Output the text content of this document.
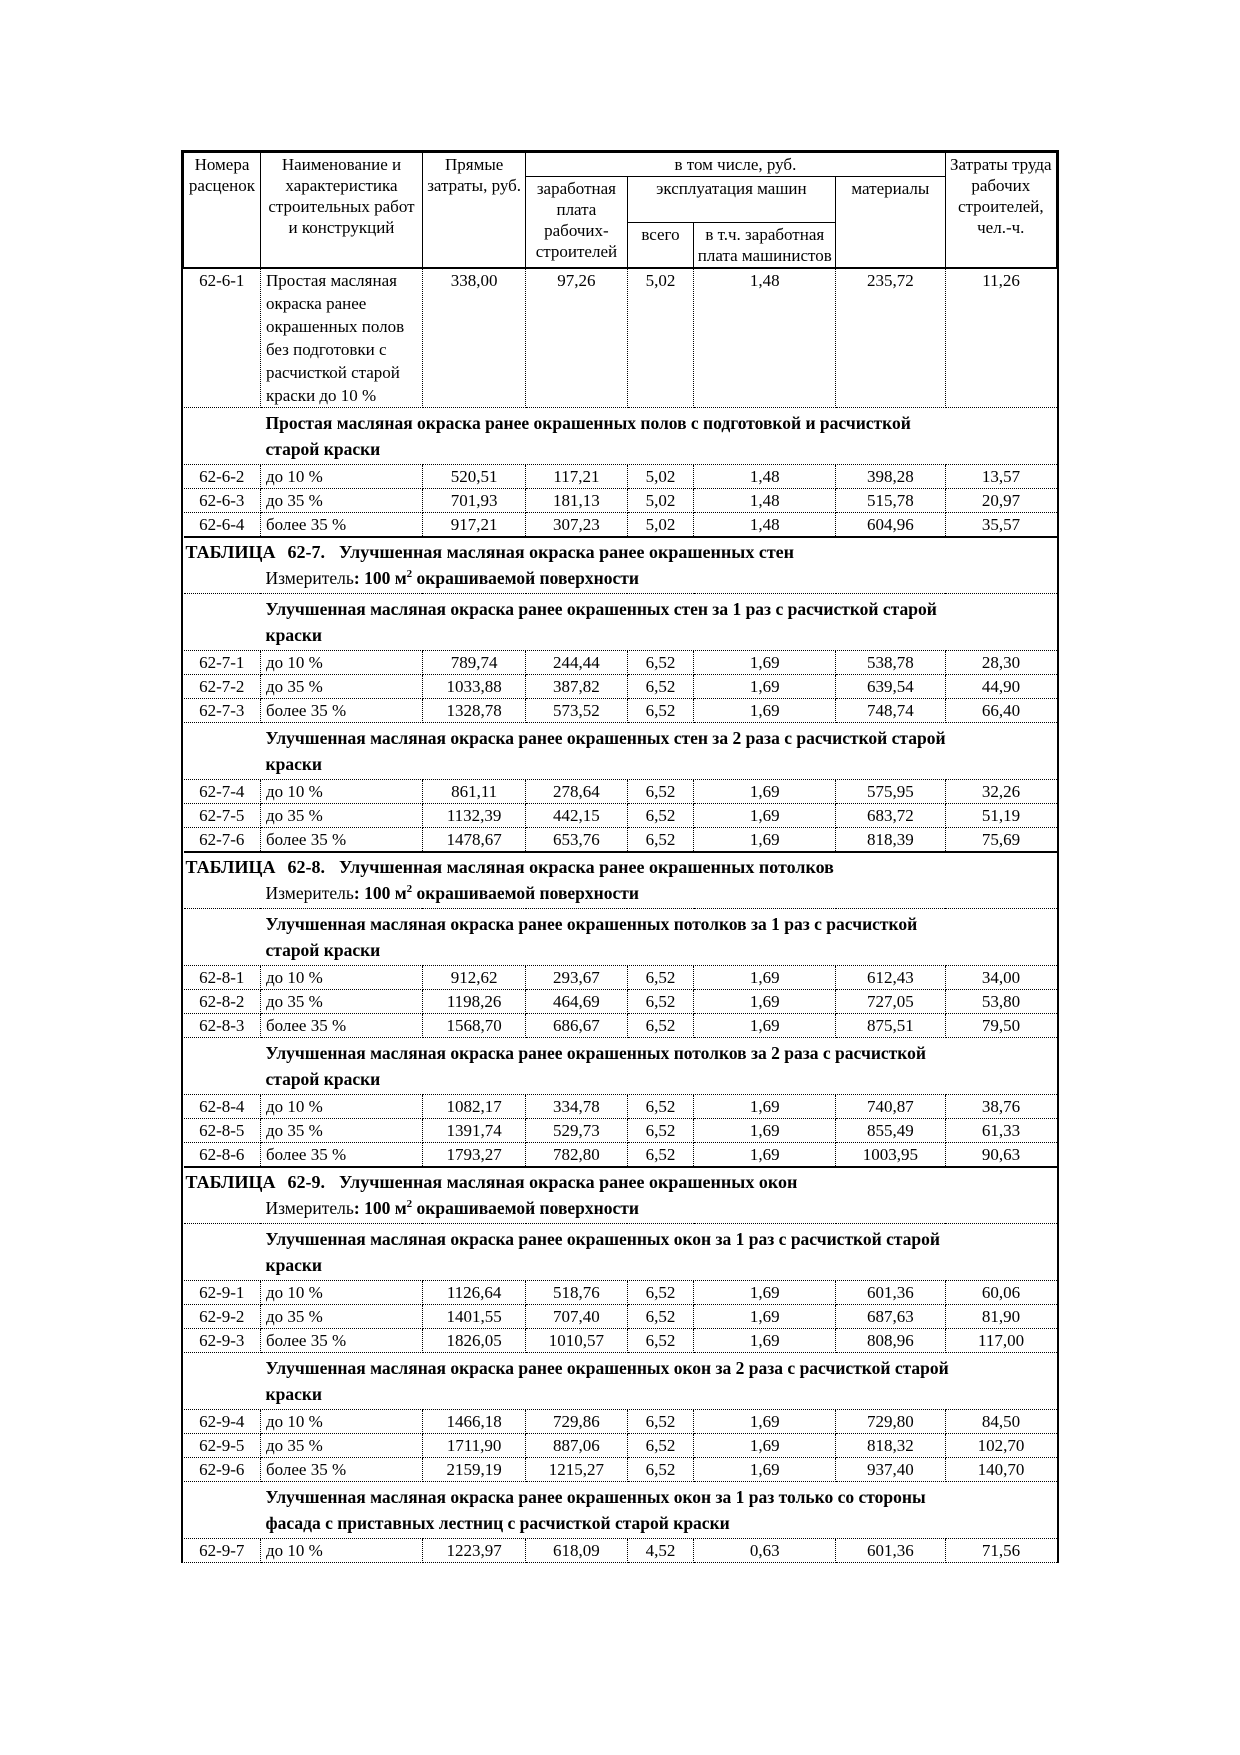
Номера расценок	Наименование и характеристика строительных работ и конструкций	Прямые затраты, руб.	в том числе, руб.				Затраты труда рабочих строителей, чел.-ч.
			заработная плата рабочих-строителей	эксплуатация машин		материалы	
				всего	в т.ч. заработная плата машинистов		
62-6-1	Простая масляная окраска ранее окрашенных полов без подготовки с расчисткой старой краски до 10 %	338,00	97,26	5,02	1,48	235,72	11,26

Простая масляная окраска ранее окрашенных полов с подготовкой и расчисткой старой краски							

62-6-2	до 10 %	520,51	117,21	5,02	1,48	398,28	13,57
62-6-3	до 35 %	701,93	181,13	5,02	1,48	515,78	20,97
62-6-4	более 35 %	917,21	307,23	5,02	1,48	604,96	35,57

ТАБЛИЦА 62-7. Улучшенная масляная окраска ранее окрашенных стен
Измеритель: 100 $м^2$ окрашиваемой поверхности							

Улучшенная масляная окраска ранее окрашенных стен за 1 раз с расчисткой старой краски							

62-7-1	до 10 %	789,74	244,44	6,52	1,69	538,78	28,30
62-7-2	до 35 %	1033,88	387,82	6,52	1,69	639,54	44,90
62-7-3	более 35 %	1328,78	573,52	6,52	1,69	748,74	66,40

Улучшенная масляная окраска ранее окрашенных стен за 2 раза с расчисткой старой краски							

62-7-4	до 10 %	861,11	278,64	6,52	1,69	575,95	32,26
62-7-5	до 35 %	1132,39	442,15	6,52	1,69	683,72	51,19
62-7-6	более 35 %	1478,67	653,76	6,52	1,69	818,39	75,69

ТАБЛИЦА 62-8. Улучшенная масляная окраска ранее окрашенных потолков
Измеритель: 100 $м^2$ окрашиваемой поверхности							

Улучшенная масляная окраска ранее окрашенных потолков за 1 раз с расчисткой старой краски							

62-8-1	до 10 %	912,62	293,67	6,52	1,69	612,43	34,00
62-8-2	до 35 %	1198,26	464,69	6,52	1,69	727,05	53,80
62-8-3	более 35 %	1568,70	686,67	6,52	1,69	875,51	79,50

Улучшенная масляная окраска ранее окрашенных потолков за 2 раза с расчисткой старой краски							

62-8-4	до 10 %	1082,17	334,78	6,52	1,69	740,87	38,76
62-8-5	до 35 %	1391,74	529,73	6,52	1,69	855,49	61,33
62-8-6	более 35 %	1793,27	782,80	6,52	1,69	1003,95	90,63

ТАБЛИЦА 62-9. Улучшенная масляная окраска ранее окрашенных окон
Измеритель: 100 $м^2$ окрашиваемой поверхности							

Улучшенная масляная окраска ранее окрашенных окон за 1 раз с расчисткой старой краски							

62-9-1	до 10 %	1126,64	518,76	6,52	1,69	601,36	60,06
62-9-2	до 35 %	1401,55	707,40	6,52	1,69	687,63	81,90
62-9-3	более 35 %	1826,05	1010,57	6,52	1,69	808,96	117,00

Улучшенная масляная окраска ранее окрашенных окон за 2 раза с расчисткой старой краски							

62-9-4	до 10 %	1466,18	729,86	6,52	1,69	729,80	84,50
62-9-5	до 35 %	1711,90	887,06	6,52	1,69	818,32	102,70
62-9-6	более 35 %	2159,19	1215,27	6,52	1,69	937,40	140,70

Улучшенная масляная окраска ранее окрашенных окон за 1 раз только со стороны фасада с приставных лестниц с расчисткой старой краски							

62-9-7	до 10 %	1223,97	618,09	4,52	0,63	601,36	71,56
